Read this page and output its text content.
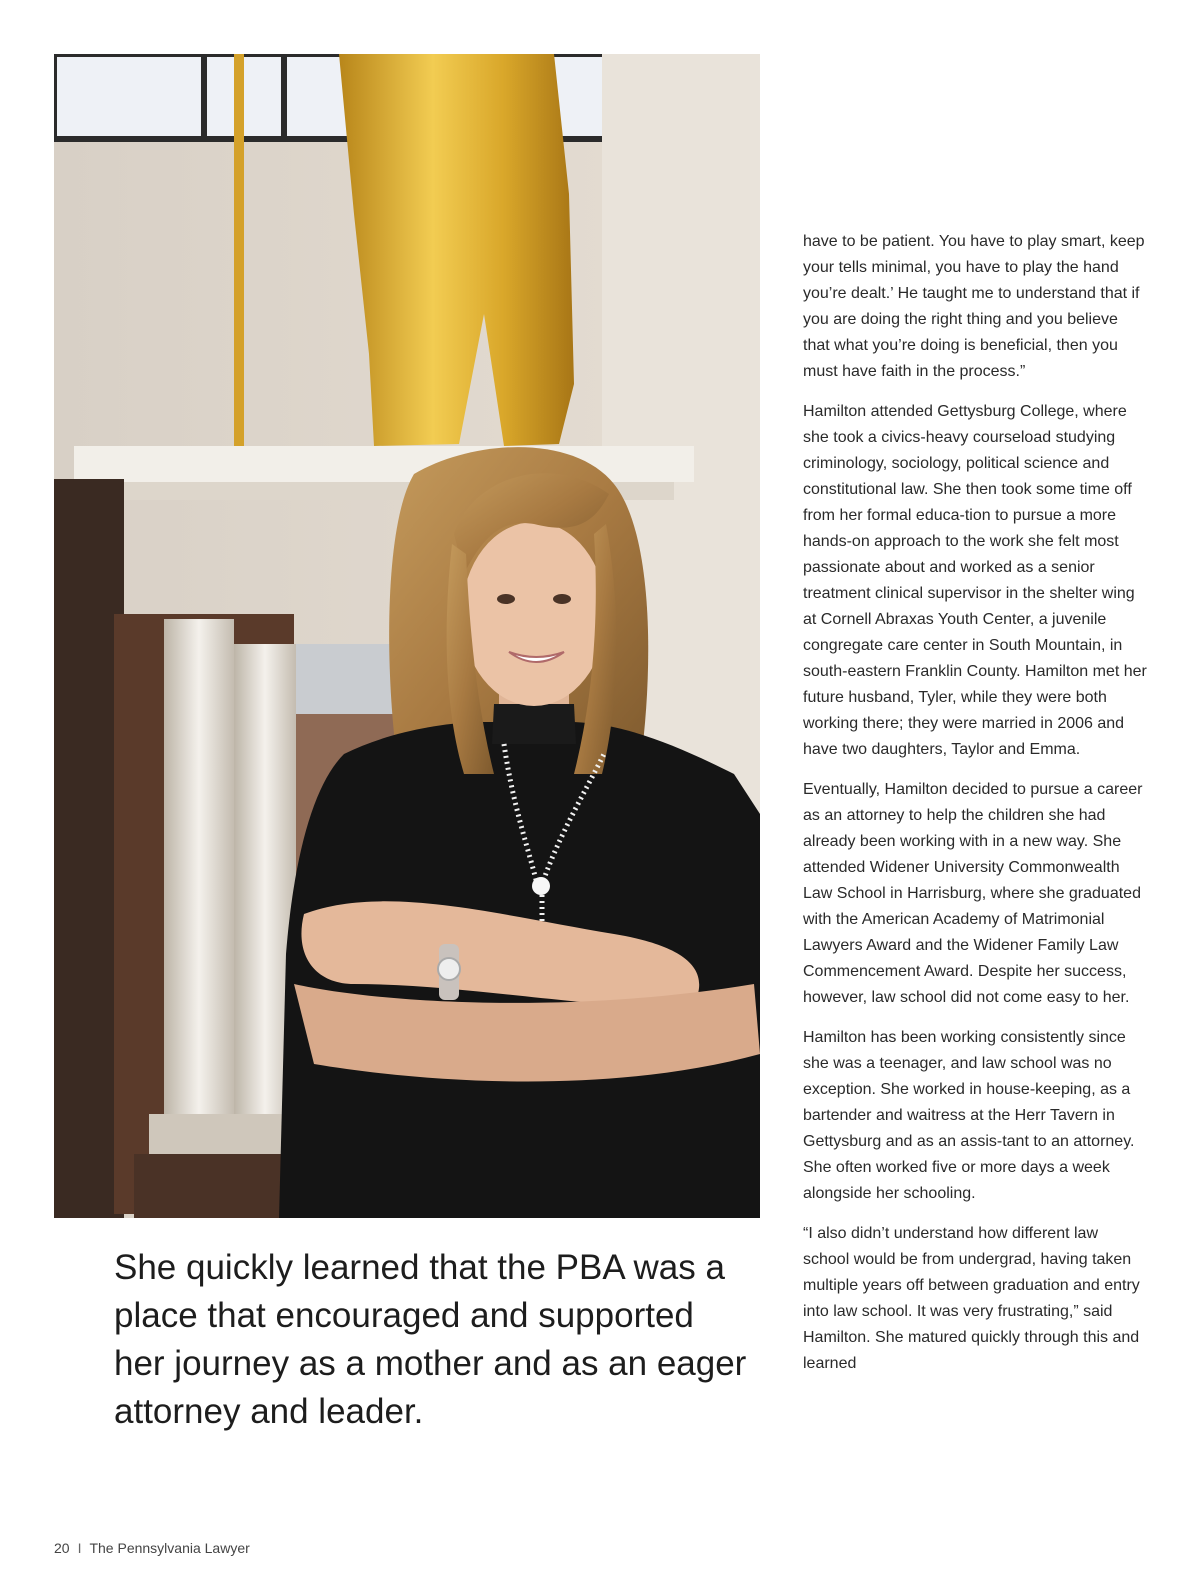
She quickly learned that the PBA was a place that encouraged and supported her journey as a mother and as an eager attorney and leader.

have to be patient. You have to play smart, keep your tells minimal, you have to play the hand you’re dealt.’ He taught me to understand that if you are doing the right thing and you believe that what you’re doing is beneficial, then you must have faith in the process.”

Hamilton attended Gettysburg College, where she took a civics-heavy courseload studying criminology, sociology, political science and constitutional law. She then took some time off from her formal educa-tion to pursue a more hands-on approach to the work she felt most passionate about and worked as a senior treatment clinical supervisor in the shelter wing at Cornell Abraxas Youth Center, a juvenile congregate care center in South Mountain, in south-eastern Franklin County. Hamilton met her future husband, Tyler, while they were both working there; they were married in 2006 and have two daughters, Taylor and Emma.

Eventually, Hamilton decided to pursue a career as an attorney to help the children she had already been working with in a new way. She attended Widener University Commonwealth Law School in Harrisburg, where she graduated with the American Academy of Matrimonial Lawyers Award and the Widener Family Law Commencement Award. Despite her success, however, law school did not come easy to her.

Hamilton has been working consistently since she was a teenager, and law school was no exception. She worked in house-keeping, as a bartender and waitress at the Herr Tavern in Gettysburg and as an assis-tant to an attorney. She often worked five or more days a week alongside her schooling.

“I also didn’t understand how different law school would be from undergrad, having taken multiple years off between graduation and entry into law school. It was very frustrating,” said Hamilton. She matured quickly through this and learned

20 I The Pennsylvania Lawyer
